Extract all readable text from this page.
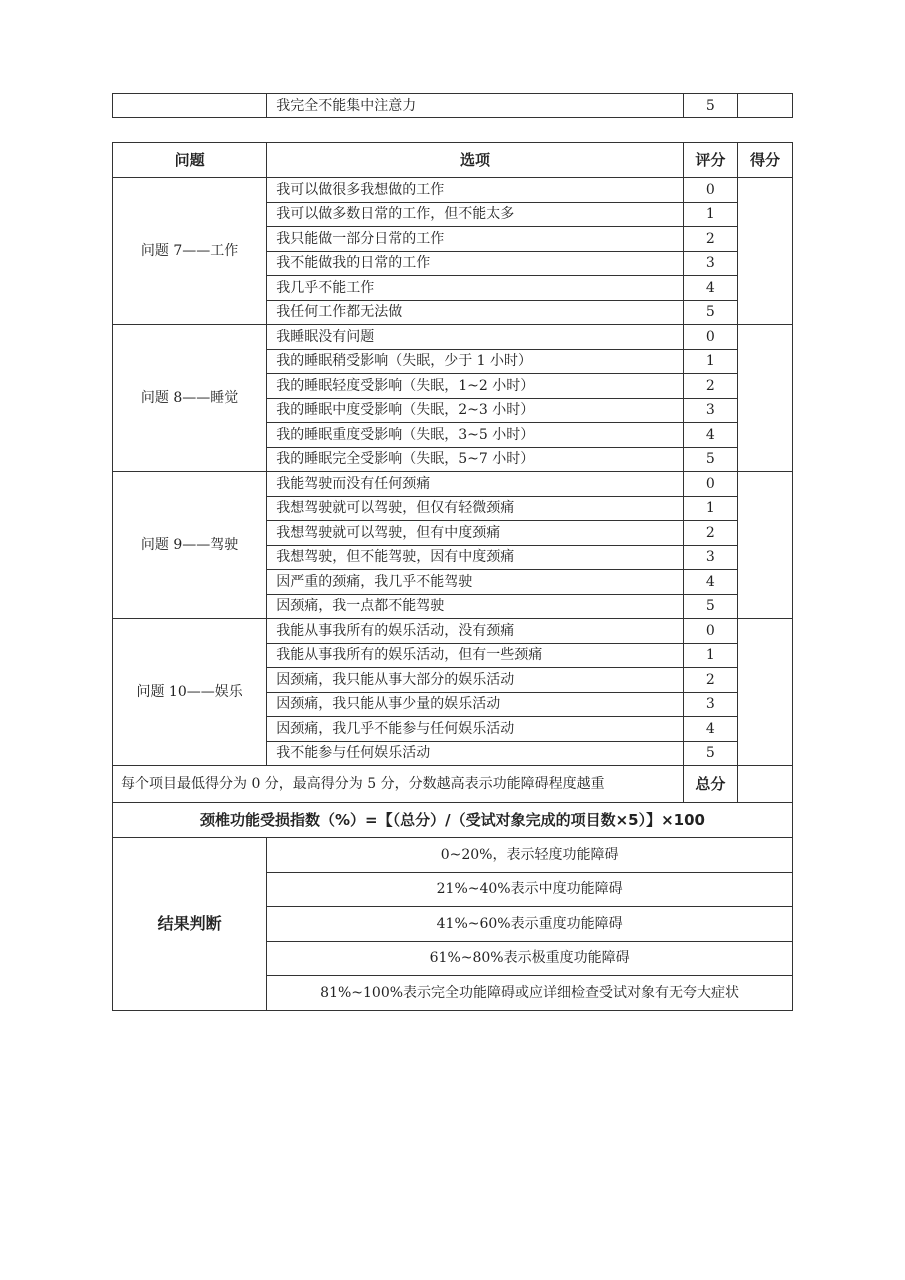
	我完全不能集中注意力	5	
问题	选项	评分	得分
问题 7——工作	我可以做很多我想做的工作	0	
	我可以做多数日常的工作，但不能太多	1	
	我只能做一部分日常的工作	2	
	我不能做我的日常的工作	3	
	我几乎不能工作	4	
	我任何工作都无法做	5	
问题 8——睡觉	我睡眠没有问题	0	
	我的睡眠稍受影响（失眠，少于 1 小时）	1	
	我的睡眠轻度受影响（失眠，1~2 小时）	2	
	我的睡眠中度受影响（失眠，2~3 小时）	3	
	我的睡眠重度受影响（失眠，3~5 小时）	4	
	我的睡眠完全受影响（失眠，5~7 小时）	5	
问题 9——驾驶	我能驾驶而没有任何颈痛	0	
	我想驾驶就可以驾驶，但仅有轻微颈痛	1	
	我想驾驶就可以驾驶，但有中度颈痛	2	
	我想驾驶，但不能驾驶，因有中度颈痛	3	
	因严重的颈痛，我几乎不能驾驶	4	
	因颈痛，我一点都不能驾驶	5	
问题 10——娱乐	我能从事我所有的娱乐活动，没有颈痛	0	
	我能从事我所有的娱乐活动，但有一些颈痛	1	
	因颈痛，我只能从事大部分的娱乐活动	2	
	因颈痛，我只能从事少量的娱乐活动	3	
	因颈痛，我几乎不能参与任何娱乐活动	4	
	我不能参与任何娱乐活动	5	
每个项目最低得分为 0 分，最高得分为 5 分，分数越高表示功能障碍程度越重		总分	
颈椎功能受损指数（%）=【（总分）/（受试对象完成的项目数×5）】×100			
结果判断	0~20%，表示轻度功能障碍		
	21%~40%表示中度功能障碍		
	41%~60%表示重度功能障碍		
	61%~80%表示极重度功能障碍		
	81%~100%表示完全功能障碍或应详细检查受试对象有无夸大症状		
